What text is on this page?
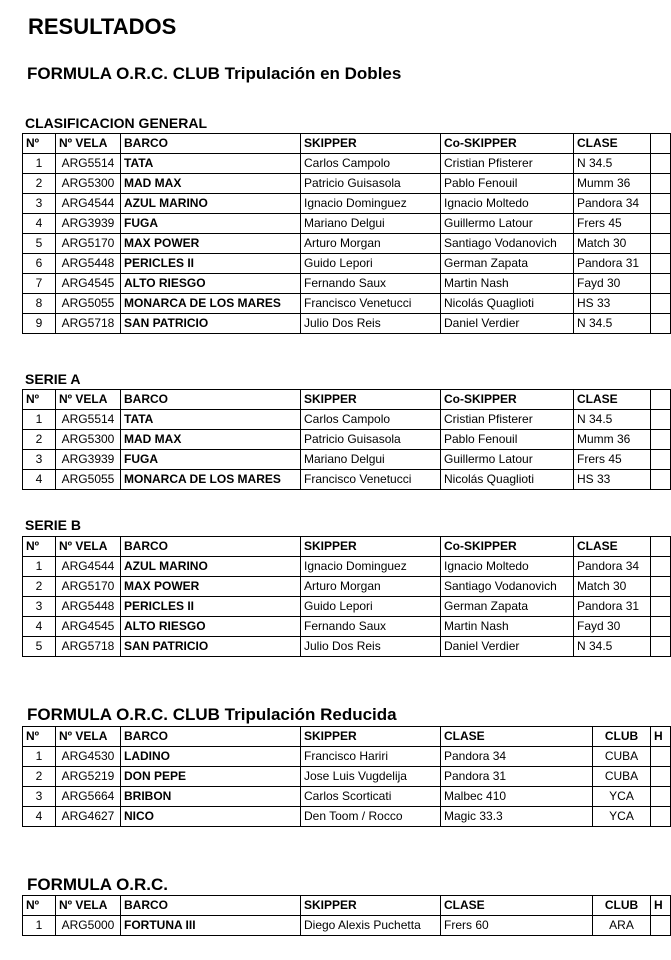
RESULTADOS
FORMULA O.R.C. CLUB Tripulación en Dobles
CLASIFICACION GENERAL
Nº	Nº VELA	BARCO	SKIPPER	Co-SKIPPER	CLASE	
1	ARG5514	TATA	Carlos Campolo	Cristian Pfisterer	N 34.5	
2	ARG5300	MAD MAX	Patricio Guisasola	Pablo Fenouil	Mumm 36	
3	ARG4544	AZUL MARINO	Ignacio Dominguez	Ignacio Moltedo	Pandora 34	
4	ARG3939	FUGA	Mariano Delgui	Guillermo Latour	Frers 45	
5	ARG5170	MAX POWER	Arturo Morgan	Santiago Vodanovich	Match 30	
6	ARG5448	PERICLES II	Guido Lepori	German Zapata	Pandora 31	
7	ARG4545	ALTO RIESGO	Fernando Saux	Martin Nash	Fayd 30	
8	ARG5055	MONARCA DE LOS MARES	Francisco Venetucci	Nicolás Quaglioti	HS 33	
9	ARG5718	SAN PATRICIO	Julio Dos Reis	Daniel Verdier	N 34.5	
SERIE A
Nº	Nº VELA	BARCO	SKIPPER	Co-SKIPPER	CLASE	
1	ARG5514	TATA	Carlos Campolo	Cristian Pfisterer	N 34.5	
2	ARG5300	MAD MAX	Patricio Guisasola	Pablo Fenouil	Mumm 36	
3	ARG3939	FUGA	Mariano Delgui	Guillermo Latour	Frers 45	
4	ARG5055	MONARCA DE LOS MARES	Francisco Venetucci	Nicolás Quaglioti	HS 33	
SERIE B
Nº	Nº VELA	BARCO	SKIPPER	Co-SKIPPER	CLASE	
1	ARG4544	AZUL MARINO	Ignacio Dominguez	Ignacio Moltedo	Pandora 34	
2	ARG5170	MAX POWER	Arturo Morgan	Santiago Vodanovich	Match 30	
3	ARG5448	PERICLES II	Guido Lepori	German Zapata	Pandora 31	
4	ARG4545	ALTO RIESGO	Fernando Saux	Martin Nash	Fayd 30	
5	ARG5718	SAN PATRICIO	Julio Dos Reis	Daniel Verdier	N 34.5	
FORMULA O.R.C. CLUB Tripulación Reducida
Nº	Nº VELA	BARCO	SKIPPER	CLASE	CLUB	H
1	ARG4530	LADINO	Francisco Hariri	Pandora 34	CUBA	
2	ARG5219	DON PEPE	Jose Luis Vugdelija	Pandora 31	CUBA	
3	ARG5664	BRIBON	Carlos Scorticati	Malbec 410	YCA	
4	ARG4627	NICO	Den Toom / Rocco	Magic 33.3	YCA	
FORMULA O.R.C.
Nº	Nº VELA	BARCO	SKIPPER	CLASE	CLUB	H
1	ARG5000	FORTUNA III	Diego Alexis Puchetta	Frers 60	ARA	
